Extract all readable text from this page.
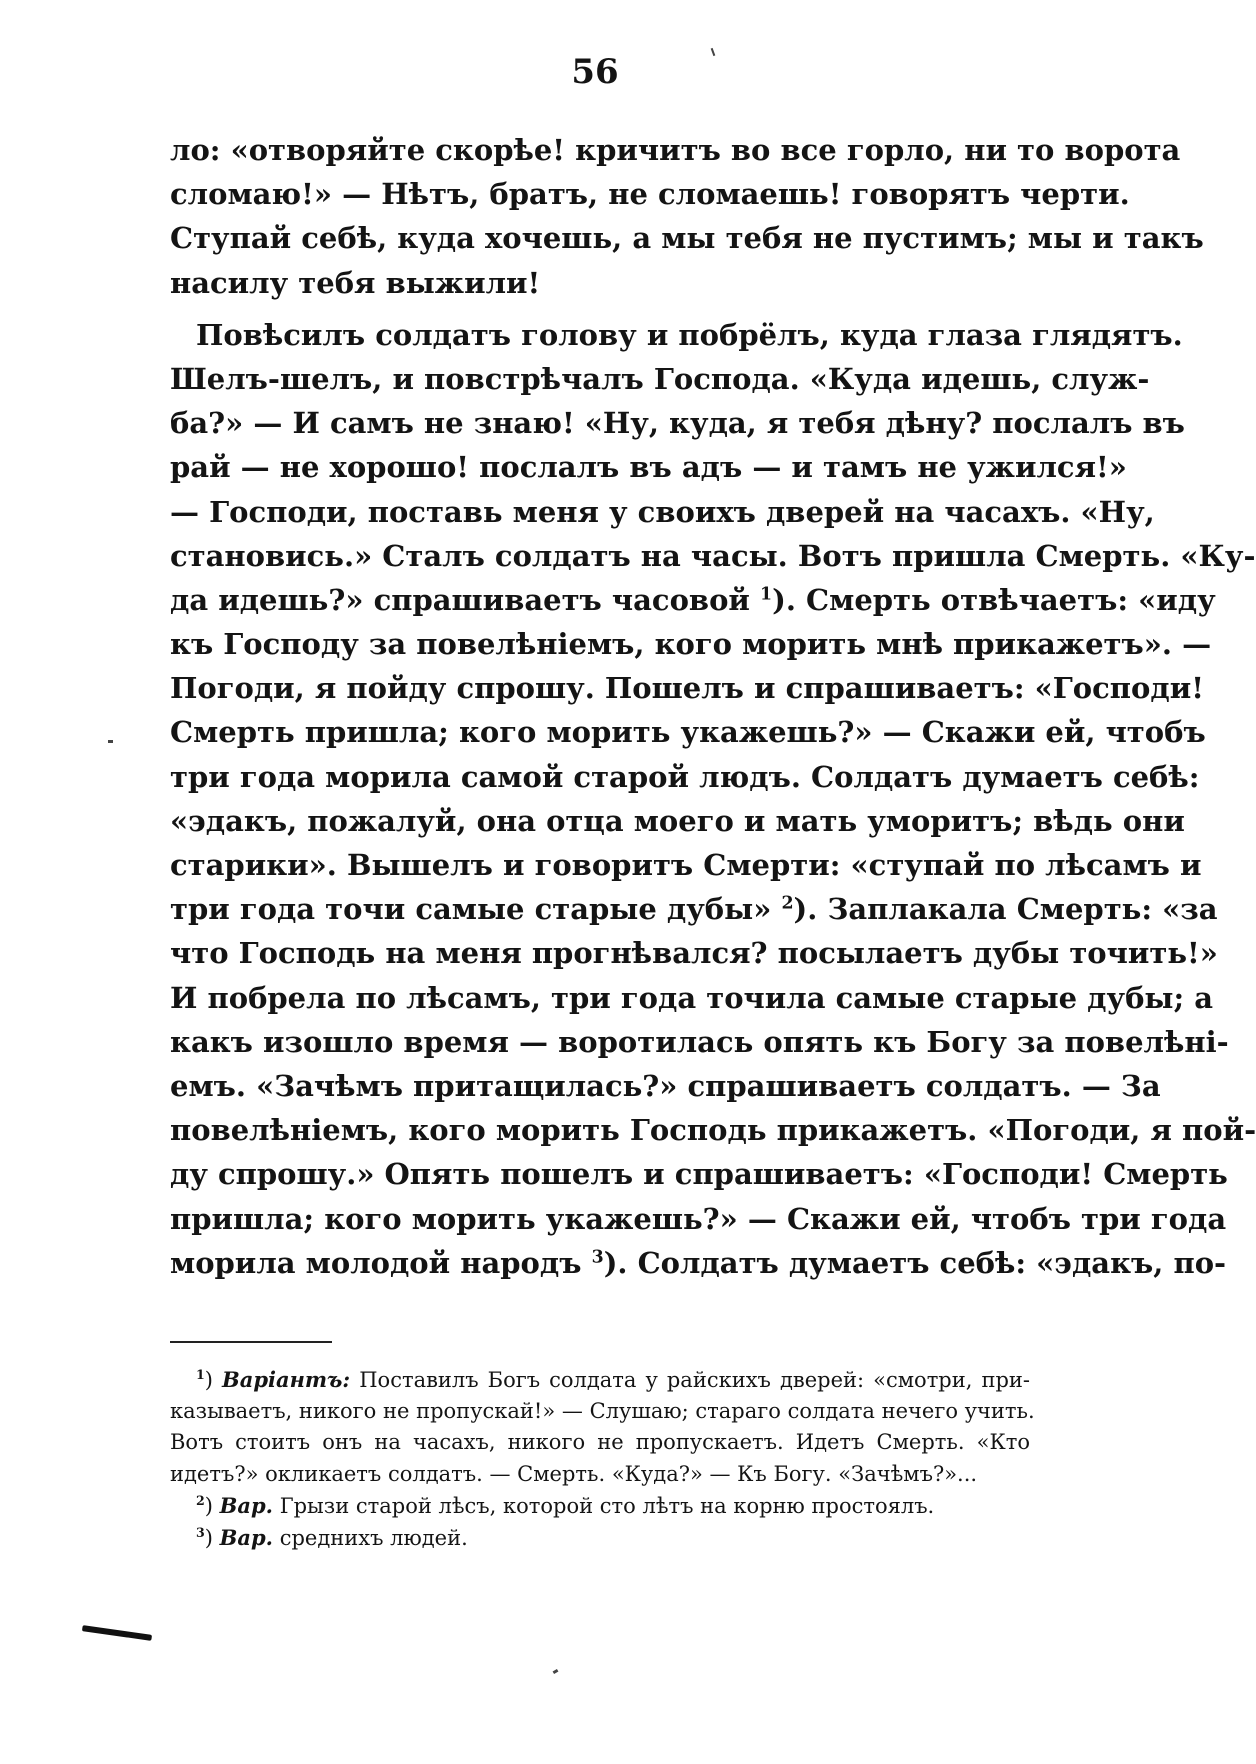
56
ло: «отворяйте скорѣе! кричитъ во все горло, ни то ворота
сломаю!» — Нѣтъ, братъ, не сломаешь! говорятъ черти.
Ступай себѣ, куда хочешь, а мы тебя не пустимъ; мы и такъ
насилу тебя выжили!
Повѣсилъ солдатъ голову и побрёлъ, куда глаза глядятъ.
Шелъ-шелъ, и повстрѣчалъ Господа. «Куда идешь, служ-
ба?» — И самъ не знаю! «Ну, куда, я тебя дѣну? послалъ въ
рай — не хорошо! послалъ въ адъ — и тамъ не ужился!»
— Господи, поставь меня у своихъ дверей на часахъ. «Ну,
становись.» Сталъ солдатъ на часы. Вотъ пришла Смерть. «Ку-
да идешь?» спрашиваетъ часовой $^1$). Смерть отвѣчаетъ: «иду
къ Господу за повелѣніемъ, кого морить мнѣ прикажетъ». —
Погоди, я пойду спрошу. Пошелъ и спрашиваетъ: «Господи!
Смерть пришла; кого морить укажешь?» — Скажи ей, чтобъ
три года морила самой старой людъ. Солдатъ думаетъ себѣ:
«эдакъ, пожалуй, она отца моего и мать уморитъ; вѣдь они
старики». Вышелъ и говоритъ Смерти: «ступай по лѣсамъ и
три года точи самые старые дубы» $^2$). Заплакала Смерть: «за
что Господь на меня прогнѣвался? посылаетъ дубы точить!»
И побрела по лѣсамъ, три года точила самые старые дубы; а
какъ изошло время — воротилась опять къ Богу за повелѣні-
емъ. «Зачѣмъ притащилась?» спрашиваетъ солдатъ. — За
повелѣніемъ, кого морить Господь прикажетъ. «Погоди, я пой-
ду спрошу.» Опять пошелъ и спрашиваетъ: «Господи! Смерть
пришла; кого морить укажешь?» — Скажи ей, чтобъ три года
морила молодой народъ $^3$). Солдатъ думаетъ себѣ: «эдакъ, по-
$^1$) Варіантъ: Поставилъ Богъ солдата у райскихъ дверей: «смотри, при-
казываетъ, никого не пропускай!» — Слушаю; стараго солдата нечего учить.
Вотъ стоитъ онъ на часахъ, никого не пропускаетъ. Идетъ Смерть. «Кто
идетъ?» окликаетъ солдатъ. — Смерть. «Куда?» — Къ Богу. «Зачѣмъ?»...
$^2$) Вар. Грызи старой лѣсъ, которой сто лѣтъ на корню простоялъ.
$^3$) Вар. среднихъ людей.
